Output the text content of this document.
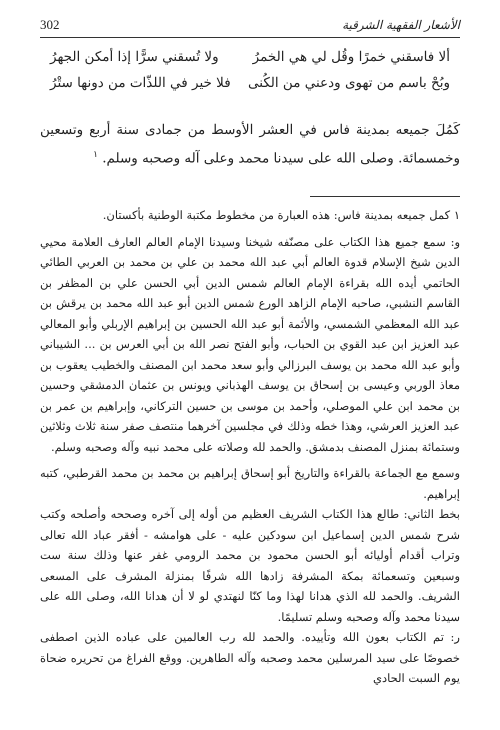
302	الأشعار الفقهية الشرقية
ألا فاسقني خمرًا وقُل لي هي الخمرُ
ولا تُسقني سرًّا إذا أمكن الجهرُ
وبُحْ باسم من تهوى ودعني من الكُنى
فلا خير في اللذّات من دونها ستْرُ
كَمُلَ جميعه بمدينة فاس في العشر الأوسط من جمادى سنة أربع وتسعين وخمسمائة. وصلى الله على سيدنا محمد وعلى آله وصحبه وسلم. $^١$

١ كمل جميعه بمدينة فاس: هذه العبارة من مخطوط مكتبة الوطنية بأكستان.

و: سمع جميع هذا الكتاب على مصنّفه شيخنا وسيدنا الإمام العالم العارف العلامة محيي الدين شيخ الإسلام قدوة العالم أبي عبد الله محمد بن علي بن محمد بن العربي الطائي الحاتمي أيده الله بقراءة الإمام العالم شمس الدين أبي الحسن علي بن المظفر بن القاسم النشبي، صاحبه الإمام الزاهد الورع شمس الدين أبو عبد الله محمد بن يرقش بن عبد الله المعظمي الشمسي، والأئمة أبو عبد الله الحسين بن إبراهيم الإربلي وأبو المعالي عبد العزيز ابن عبد القوي بن الحباب، وأبو الفتح نصر الله بن أبي العرس بن ... الشيباني وأبو عبد الله محمد بن يوسف البرزالي وأبو سعد محمد ابن المصنف والخطيب يعقوب بن معاذ الوربي وعيسى بن إسحاق بن يوسف الهذباني ويونس بن عثمان الدمشقي وحسين بن محمد ابن علي الموصلي، وأحمد بن موسى بن حسين التركاني، وإبراهيم بن عمر بن عبد العزيز العرشي، وهذا خطه وذلك في مجلسين آخرهما منتصف صفر سنة ثلاث وثلاثين وستمائة بمنزل المصنف بدمشق. والحمد لله وصلاته على محمد نبيه وآله وصحبه وسلم.

وسمع مع الجماعة بالقراءة والتاريخ أبو إسحاق إبراهيم بن محمد بن محمد القرطبي، كتبه إبراهيم.

بخط الثاني: طالع هذا الكتاب الشريف العظيم من أوله إلى آخره وصححه وأصلحه وكتب شرح شمس الدين إسماعيل ابن سودكين عليه - على هوامشه - أفقر عباد الله تعالى وتراب أقدام أوليائه أبو الحسن محمود بن محمد الرومي غفر عنها وذلك سنة ست وسبعين وتسعمائة بمكة المشرفة زادها الله شرفًا بمنزلة المشرف على المسعى الشريف. والحمد لله الذي هدانا لهذا وما كنّا لنهتدي لو لا أن هدانا الله، وصلى الله على سيدنا محمد وآله وصحبه وسلم تسليمًا.

ر: تم الكتاب بعون الله وتأييده. والحمد لله رب العالمين على عباده الذين اصطفى خصوصًا على سيد المرسلين محمد وصحبه وآله الطاهرين. ووقع الفراغ من تحريره ضحاة يوم السبت الحادي
